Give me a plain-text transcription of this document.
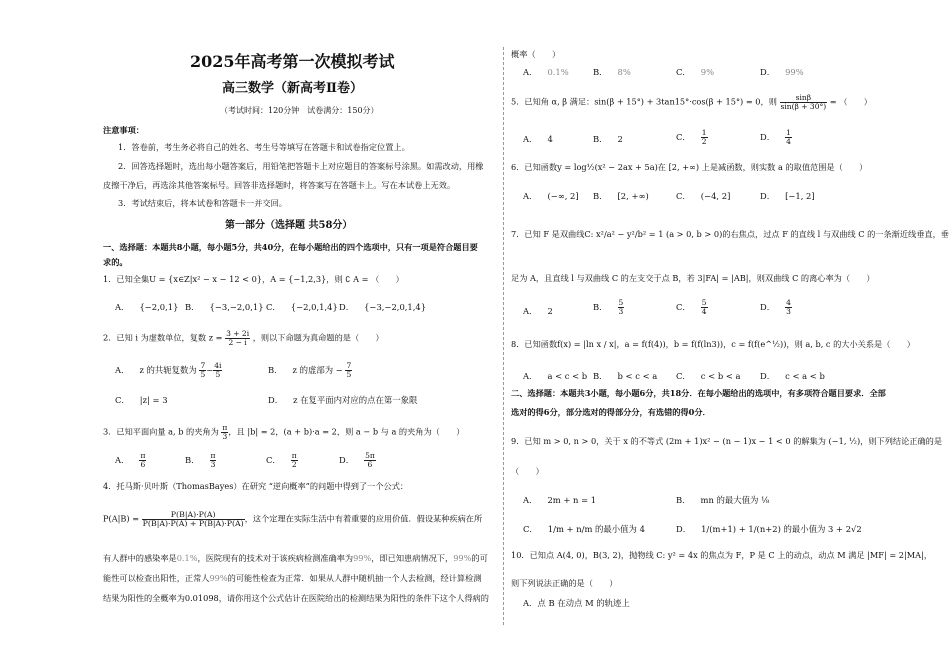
2025年高考第一次模拟考试
高三数学（新高考Ⅱ卷）
（考试时间：120分钟　试卷满分：150分）
注意事项：
1．答卷前，考生务必将自己的姓名、考生号等填写在答题卡和试卷指定位置上。
2．回答选择题时，选出每小题答案后，用铅笔把答题卡上对应题目的答案标号涂黑。如需改动，用橡
皮擦干净后，再选涂其他答案标号。回答非选择题时，将答案写在答题卡上。写在本试卷上无效。
3．考试结束后，将本试卷和答题卡一并交回。
第一部分（选择题 共58分）
一、选择题：本题共8小题，每小题5分，共40分，在每小题给出的四个选项中，只有一项是符合题目要
求的。
1．已知全集U = {x∈Z|x² − x − 12 < 0}，A = {−1,2,3}，则 ∁ A = （　　）
A． {−2,0,1} B． {−3,−2,0,1} C． {−2,0,1,4} D． {−3,−2,0,1,4}
2．已知 i 为虚数单位，复数 $z = \frac{3 + 2i}{2 - i}$ ，则以下命题为真命题的是（　　）
A． z 的共轭复数为 $\frac{7}{5} - \frac{4i}{5}$	B． z 的虚部为 − $\frac{7}{5}$
C． |z| = 3	D． z 在复平面内对应的点在第一象限
3．已知平面向量 a, b 的夹角为 $\frac{\pi}{3}$ ，且 |b| = 2，(a + b)·a = 2，则 a − b 与 a 的夹角为（　　）
A． $\frac{\pi}{6}$	B． $\frac{\pi}{3}$	C． $\frac{\pi}{2}$	D． $\frac{5\pi}{6}$
4．托马斯·贝叶斯（ThomasBayes）在研究 “逆向概率”的问题中得到了一个公式：
$P(A|B) = \frac{P(B|A)\cdot P(A)}{P(B|A)\cdot P(A) + P(B|Ā)\cdot P(Ā)}$ ，这个定理在实际生活中有着重要的应用价值．假设某种疾病在所
有人群中的感染率是0.1%，医院现有的技术对于该疾病检测准确率为99%，即已知患病情况下，99%的可
能性可以检查出阳性，正常人99%的可能性检查为正常．如果从人群中随机抽一个人去检测，经计算检测
结果为阳性的全概率为0.01098，请你用这个公式估计在医院给出的检测结果为阳性的条件下这个人得病的
概率（　　）
A． 0.1%	B． 8%	C． 9%	D． 99%
5．已知角 α, β 满足：sin(β + 15°) + 3tan15°·cos(β + 15°) = 0，则 $\frac{\sin\beta}{\sin(\beta + 30^\circ)}$ = （　　）
A． 4	B． 2	C． $\frac{1}{2}$	D． $\frac{1}{4}$
6．已知函数y = log½(x² − 2ax + 5a)在 [2, +∞) 上是减函数，则实数 a 的取值范围是（　　）
A． (−∞, 2] B． [2, +∞)	C． (−4, 2]	D． [−1, 2]
7．已知 F 是双曲线C: x²/a² − y²/b² = 1 (a > 0, b > 0)的右焦点，过点 F 的直线 l 与双曲线 C 的一条渐近线垂直，垂
足为 A，且直线 l 与双曲线 C 的左支交于点 B，若 3|FA| = |AB|，则双曲线 C 的离心率为（　　）
A． 2	B． $\frac{5}{3}$	C． $\frac{5}{4}$	D． $\frac{4}{3}$
8．已知函数f(x) = |ln x / x|，a = f(f(4))，b = f(f(ln3))，c = f(f(e^½))，则 a, b, c 的大小关系是（　　）
A． a < c < b B． b < c < a C． c < b < a D． c < a < b
二、选择题：本题共3小题，每小题6分，共18分．在每小题给出的选项中，有多项符合题目要求．全部
选对的得6分，部分选对的得部分分，有选错的得0分．
9．已知 m > 0, n > 0，关于 x 的不等式 (2m + 1)x² − (n − 1)x − 1 < 0 的解集为 (−1, ½)，则下列结论正确的是
（　　）
A． 2m + n = 1	B． mn 的最大值为 ⅛
C． 1/m + n/m 的最小值为 4	D． 1/(m+1) + 1/(n+2) 的最小值为 3 + 2√2
10．已知点 A(4, 0)，B(3, 2)，抛物线 C: y² = 4x 的焦点为 F，P 是 C 上的动点，动点 M 满足 |MF| = 2|MA|，
则下列说法正确的是（　　）
A．点 B 在动点 M 的轨迹上
